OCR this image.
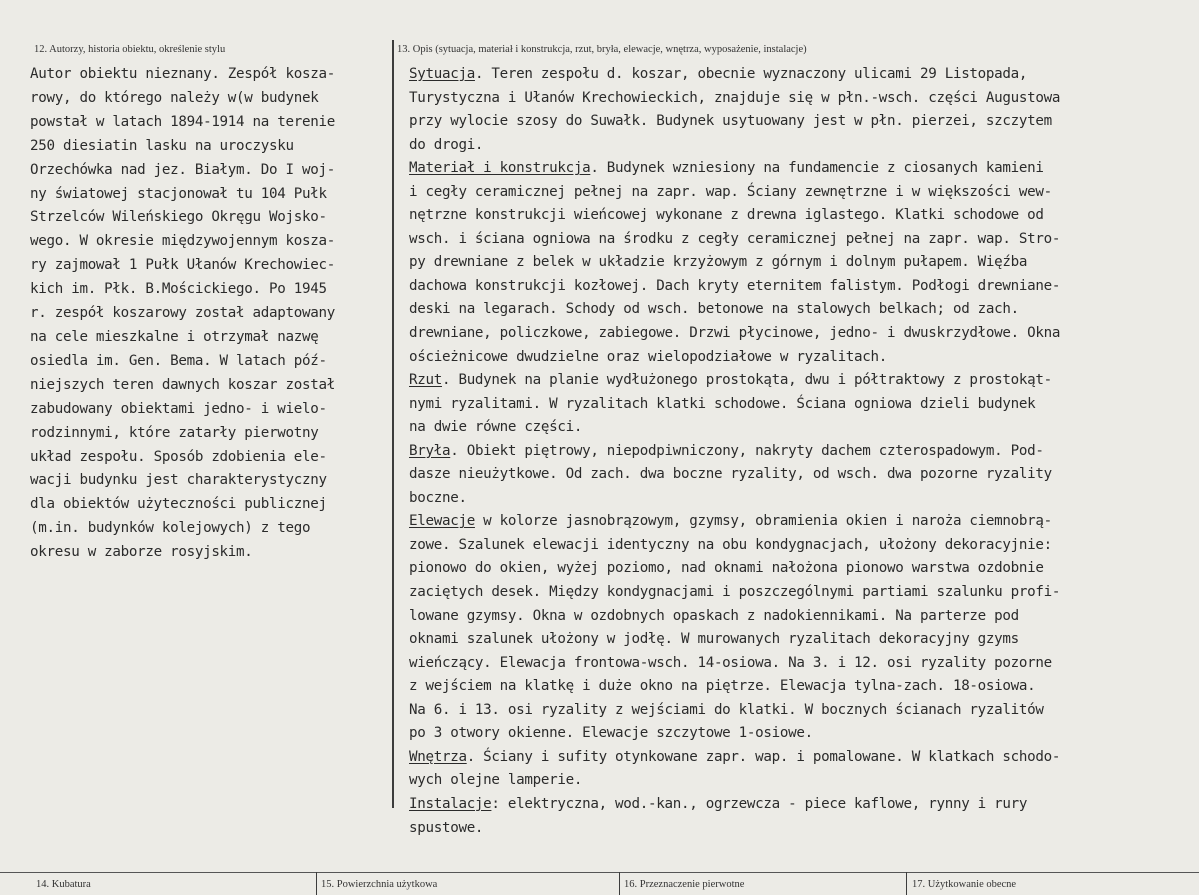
12. Autorzy, historia obiektu, określenie stylu	13. Opis (sytuacja, materiał i konstrukcja, rzut, bryła, elewacje, wnętrza, wyposażenie, instalacje)
14. Kubatura	15. Powierzchnia użytkowa	16. Przeznaczenie pierwotne	17. Użytkowanie obecne
Autor obiektu nieznany. Zespół kosza-
rowy, do którego należy w(w budynek
powstał w latach 1894-1914 na terenie
250 diesiatin lasku na uroczysku
Orzechówka nad jez. Białym. Do I woj-
ny światowej stacjonował tu 104 Pułk
Strzelców Wileńskiego Okręgu Wojsko-
wego. W okresie międzywojennym kosza-
ry zajmował 1 Pułk Ułanów Krechowiec-
kich im. Płk. B.Mościckiego. Po 1945
r. zespół koszarowy został adaptowany
na cele mieszkalne i otrzymał nazwę
osiedla im. Gen. Bema. W latach póź-
niejszych teren dawnych koszar został
zabudowany obiektami jedno- i wielo-
rodzinnymi, które zatarły pierwotny
układ zespołu. Sposób zdobienia ele-
wacji budynku jest charakterystyczny
dla obiektów użyteczności publicznej
(m.in. budynków kolejowych) z tego
okresu w zaborze rosyjskim.
Sytuacja. Teren zespołu d. koszar, obecnie wyznaczony ulicami 29 Listopada,
Turystyczna i Ułanów Krechowieckich, znajduje się w płn.-wsch. części Augustowa
przy wylocie szosy do Suwałk. Budynek usytuowany jest w płn. pierzei, szczytem
do drogi.
Materiał i konstrukcja. Budynek wzniesiony na fundamencie z ciosanych kamieni
i cegły ceramicznej pełnej na zapr. wap. Ściany zewnętrzne i w większości wew-
nętrzne konstrukcji wieńcowej wykonane z drewna iglastego. Klatki schodowe od
wsch. i ściana ogniowa na środku z cegły ceramicznej pełnej na zapr. wap. Stro-
py drewniane z belek w układzie krzyżowym z górnym i dolnym pułapem. Więźba
dachowa konstrukcji kozłowej. Dach kryty eternitem falistym. Podłogi drewniane-
deski na legarach. Schody od wsch. betonowe na stalowych belkach; od zach.
drewniane, policzkowe, zabiegowe. Drzwi płycinowe, jedno- i dwuskrzydłowe. Okna
ościeżnicowe dwudzielne oraz wielopodziałowe w ryzalitach.
Rzut. Budynek na planie wydłużonego prostokąta, dwu i półtraktowy z prostokąt-
nymi ryzalitami. W ryzalitach klatki schodowe. Ściana ogniowa dzieli budynek
na dwie równe części.
Bryła. Obiekt piętrowy, niepodpiwniczony, nakryty dachem czterospadowym. Pod-
dasze nieużytkowe. Od zach. dwa boczne ryzality, od wsch. dwa pozorne ryzality
boczne.
Elewacje w kolorze jasnobrązowym, gzymsy, obramienia okien i naroża ciemnobrą-
zowe. Szalunek elewacji identyczny na obu kondygnacjach, ułożony dekoracyjnie:
pionowo do okien, wyżej poziomo, nad oknami nałożona pionowo warstwa ozdobnie
zaciętych desek. Między kondygnacjami i poszczególnymi partiami szalunku profi-
lowane gzymsy. Okna w ozdobnych opaskach z nadokiennikami. Na parterze pod
oknami szalunek ułożony w jodłę. W murowanych ryzalitach dekoracyjny gzyms
wieńczący. Elewacja frontowa-wsch. 14-osiowa. Na 3. i 12. osi ryzality pozorne
z wejściem na klatkę i duże okno na piętrze. Elewacja tylna-zach. 18-osiowa.
Na 6. i 13. osi ryzality z wejściami do klatki. W bocznych ścianach ryzalitów
po 3 otwory okienne. Elewacje szczytowe 1-osiowe.
Wnętrza. Ściany i sufity otynkowane zapr. wap. i pomalowane. W klatkach schodo-
wych olejne lamperie.
Instalacje: elektryczna, wod.-kan., ogrzewcza - piece kaflowe, rynny i rury
spustowe.
